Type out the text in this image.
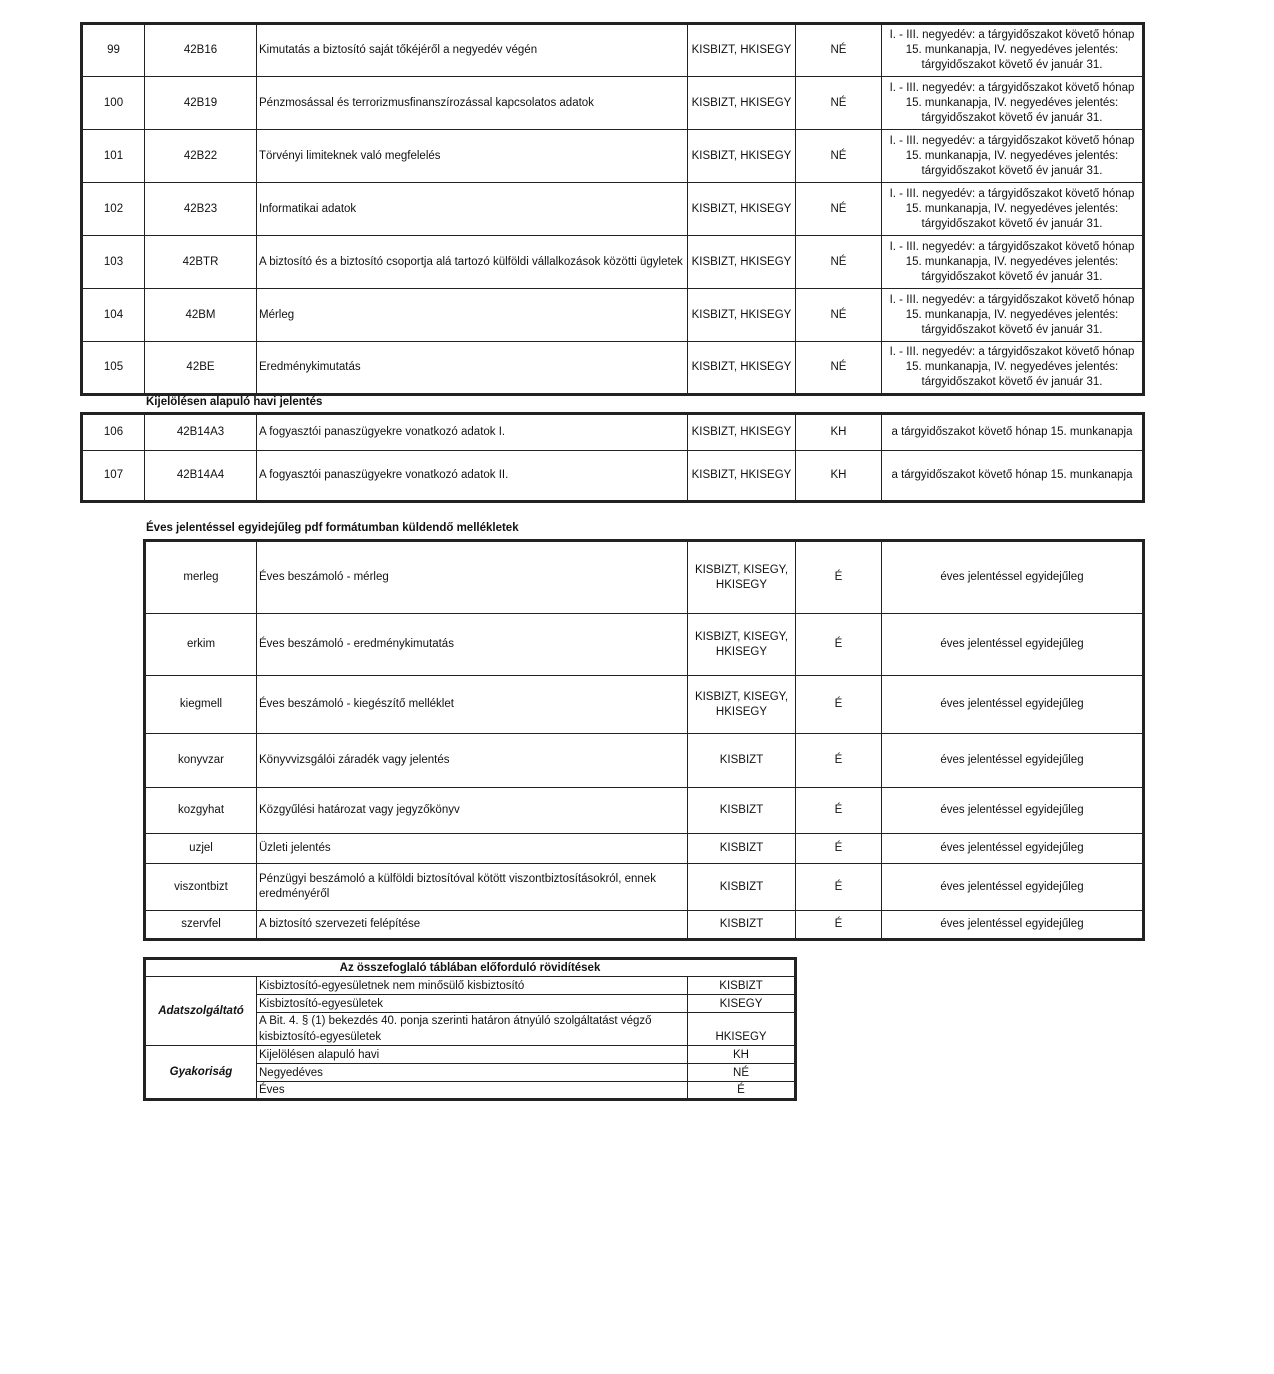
99	42B16	Kimutatás a biztosító saját tőkéjéről a negyedév végén	KISBIZT, HKISEGY	NÉ	I. - III. negyedév: a tárgyidőszakot követő hónap 15. munkanapja, IV. negyedéves jelentés: tárgyidőszakot követő év január 31.
100	42B19	Pénzmosással és terrorizmusfinanszírozással kapcsolatos adatok	KISBIZT, HKISEGY	NÉ	I. - III. negyedév: a tárgyidőszakot követő hónap 15. munkanapja, IV. negyedéves jelentés: tárgyidőszakot követő év január 31.
101	42B22	Törvényi limiteknek való megfelelés	KISBIZT, HKISEGY	NÉ	I. - III. negyedév: a tárgyidőszakot követő hónap 15. munkanapja, IV. negyedéves jelentés: tárgyidőszakot követő év január 31.
102	42B23	Informatikai adatok	KISBIZT, HKISEGY	NÉ	I. - III. negyedév: a tárgyidőszakot követő hónap 15. munkanapja, IV. negyedéves jelentés: tárgyidőszakot követő év január 31.
103	42BTR	A biztosító és a biztosító csoportja alá tartozó külföldi vállalkozások közötti ügyletek	KISBIZT, HKISEGY	NÉ	I. - III. negyedév: a tárgyidőszakot követő hónap 15. munkanapja, IV. negyedéves jelentés: tárgyidőszakot követő év január 31.
104	42BM	Mérleg	KISBIZT, HKISEGY	NÉ	I. - III. negyedév: a tárgyidőszakot követő hónap 15. munkanapja, IV. negyedéves jelentés: tárgyidőszakot követő év január 31.
105	42BE	Eredménykimutatás	KISBIZT, HKISEGY	NÉ	I. - III. negyedév: a tárgyidőszakot követő hónap 15. munkanapja, IV. negyedéves jelentés: tárgyidőszakot követő év január 31.
Kijelölésen alapuló havi jelentés
106	42B14A3	A fogyasztói panaszügyekre vonatkozó adatok I.	KISBIZT, HKISEGY	KH	a tárgyidőszakot követő hónap 15. munkanapja
107	42B14A4	A fogyasztói panaszügyekre vonatkozó adatok II.	KISBIZT, HKISEGY	KH	a tárgyidőszakot követő hónap 15. munkanapja
Éves jelentéssel egyidejűleg pdf formátumban küldendő mellékletek
merleg	Éves beszámoló - mérleg	KISBIZT, KISEGY, HKISEGY	É	éves jelentéssel egyidejűleg
erkim	Éves beszámoló - eredménykimutatás	KISBIZT, KISEGY, HKISEGY	É	éves jelentéssel egyidejűleg
kiegmell	Éves beszámoló - kiegészítő melléklet	KISBIZT, KISEGY, HKISEGY	É	éves jelentéssel egyidejűleg
konyvzar	Könyvvizsgálói záradék vagy jelentés	KISBIZT	É	éves jelentéssel egyidejűleg
kozgyhat	Közgyűlési határozat vagy jegyzőkönyv	KISBIZT	É	éves jelentéssel egyidejűleg
uzjel	Üzleti jelentés	KISBIZT	É	éves jelentéssel egyidejűleg
viszontbizt	Pénzügyi beszámoló a külföldi biztosítóval kötött viszontbiztosításokról, ennek eredményéről	KISBIZT	É	éves jelentéssel egyidejűleg
szervfel	A biztosító szervezeti felépítése	KISBIZT	É	éves jelentéssel egyidejűleg
Az összefoglaló táblában előforduló rövidítések		
Adatszolgáltató	Kisbiztosító-egyesületnek nem minősülő kisbiztosító	KISBIZT
	Kisbiztosító-egyesületek	KISEGY
	A Bit. 4. § (1) bekezdés 40. ponja szerinti határon átnyúló szolgáltatást végző kisbiztosító-egyesületek	HKISEGY
Gyakoriság	Kijelölésen alapuló havi	KH
	Negyedéves	NÉ
	Éves	É
